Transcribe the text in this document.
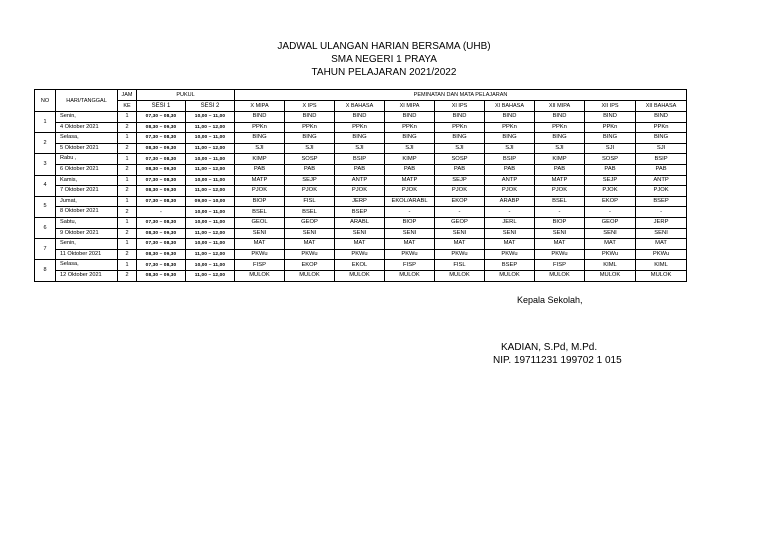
JADWAL ULANGAN HARIAN BERSAMA (UHB)
SMA NEGERI 1 PRAYA
TAHUN PELAJARAN 2021/2022
NO	HARI/TANGGAL	JAM	PUKUL		PEMINATAN DAN MATA PELAJARAN								
		KE	SESI 1	SESI 2	X MIPA	X IPS	X BAHASA	XI MIPA	XI IPS	XI BAHASA	XII MIPA	XII IPS	XII BAHASA
1	Senin,	1	07,30 – 08,30	10,00 – 11,00	BIND	BIND	BIND	BIND	BIND	BIND	BIND	BIND	BIND
	4 Oktober 2021	2	08,30 – 09,30	11,00 – 12,00	PPKn	PPKn	PPKn	PPKn	PPKn	PPKn	PPKn	PPKn	PPKn
2	Selasa,	1	07,30 – 08,30	10,00 – 11,00	BING	BING	BING	BING	BING	BING	BING	BING	BING
	5 Oktober 2021	2	08,30 – 09,30	11,00 – 12,00	SJI	SJI	SJI	SJI	SJI	SJI	SJI	SJI	SJI
3	Rabu ,	1	07,30 – 08,30	10,00 – 11,00	KIMP	SOSP	BSIP	KIMP	SOSP	BSIP	KIMP	SOSP	BSIP
	6 Oktober 2021	2	08,30 – 09,30	11,00 – 12,00	PAB	PAB	PAB	PAB	PAB	PAB	PAB	PAB	PAB
4	Kamis,	1	07,30 – 08,30	10,00 – 11,00	MATP	SEJP	ANTP	MATP	SEJP	ANTP	MATP	SEJP	ANTP
	7 Oktober 2021	2	08,30 – 09,30	11,00 – 12,00	PJOK	PJOK	PJOK	PJOK	PJOK	PJOK	PJOK	PJOK	PJOK
5	Jumat,	1	07,30 – 08,30	09,00 – 10,00	BIOP	FISL	JERP	EKOL/ARABL	EKOP	ARABP	BSEL	EKOP	BSEP
	8 Oktober 2021	2	-	10,00 – 11,00	BSEL	BSEL	BSEP	-	-	-	-	-	-
6	Sabtu,	1	07,30 – 08,30	10,00 – 11,00	GEOL	GEOP	ARABL	BIOP	GEOP	JERL	BIOP	GEOP	JERP
	9 Oktober 2021	2	08,30 – 09,30	11,00 – 12,00	SENI	SENI	SENI	SENI	SENI	SENI	SENI	SENI	SENI
7	Senin,	1	07,30 – 08,30	10,00 – 11,00	MAT	MAT	MAT	MAT	MAT	MAT	MAT	MAT	MAT
	11 Oktober 2021	2	08,30 – 09,30	11,00 – 12,00	PKWu	PKWu	PKWu	PKWu	PKWu	PKWu	PKWu	PKWu	PKWu
8	Selasa,	1	07,30 – 08,30	10,00 – 11,00	FISP	EKOP	EKOL	FISP	FISL	BSEP	FISP	KIML	KIML
	12 Oktober 2021	2	08,30 – 09,30	11,00 – 12,00	MULOK	MULOK	MULOK	MULOK	MULOK	MULOK	MULOK	MULOK	MULOK
Kepala Sekolah,
KADIAN, S.Pd, M.Pd.
NIP. 19711231 199702 1 015
